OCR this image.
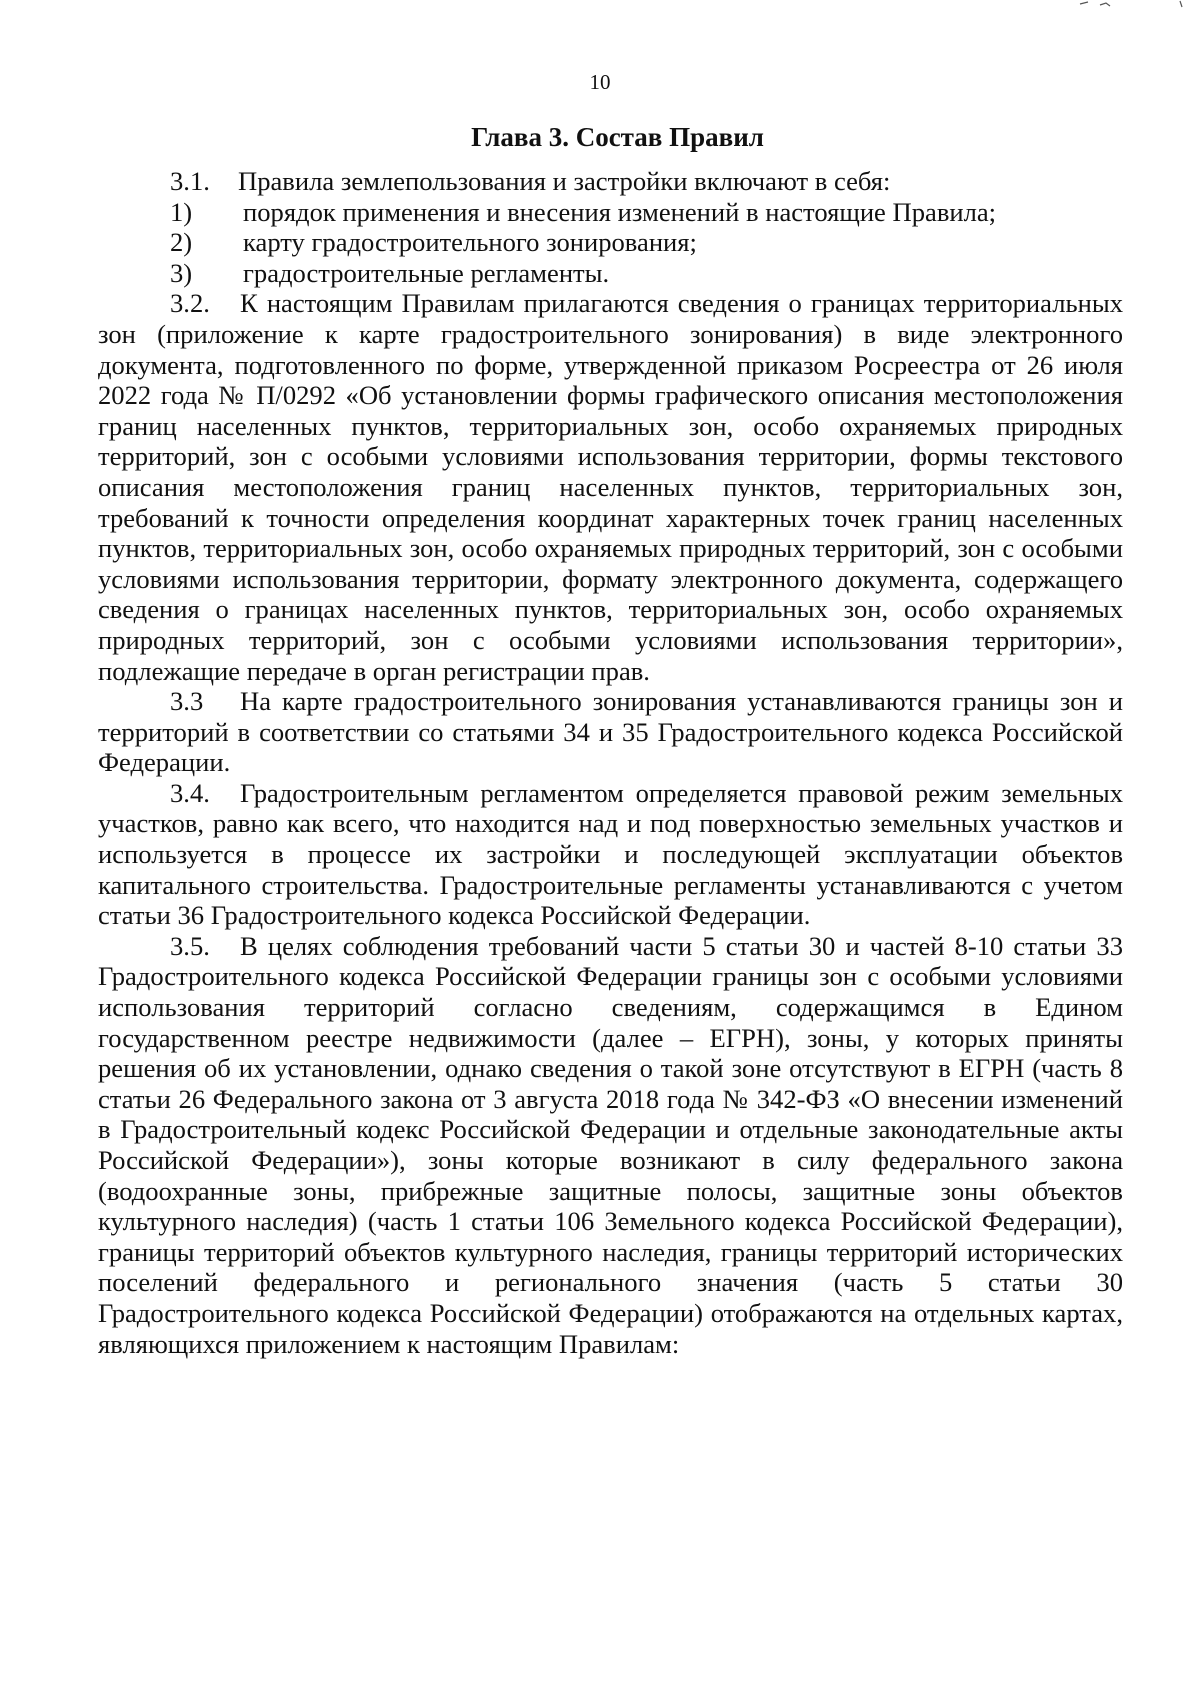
10
Глава 3. Состав Правил

3.1. Правила землепользования и застройки включают в себя:

1) порядок применения и внесения изменений в настоящие Правила;

2) карту градостроительного зонирования;

3) градостроительные регламенты.

3.2. К настоящим Правилам прилагаются сведения о границах территориальных зон (приложение к карте градостроительного зонирования) в виде электронного документа, подготовленного по форме, утвержденной приказом Росреестра от 26 июля 2022 года № П/0292 «Об установлении формы графического описания местоположения границ населенных пунктов, территориальных зон, особо охраняемых природных территорий, зон с особыми условиями использования территории, формы текстового описания местоположения границ населенных пунктов, территориальных зон, требований к точности определения координат характерных точек границ населенных пунктов, территориальных зон, особо охраняемых природных территорий, зон с особыми условиями использования территории, формату электронного документа, содержащего сведения о границах населенных пунктов, территориальных зон, особо охраняемых природных территорий, зон с особыми условиями использования территории», подлежащие передаче в орган регистрации прав.

3.3 На карте градостроительного зонирования устанавливаются границы зон и территорий в соответствии со статьями 34 и 35 Градостроительного кодекса Российской Федерации.

3.4. Градостроительным регламентом определяется правовой режим земельных участков, равно как всего, что находится над и под поверхностью земельных участков и используется в процессе их застройки и последующей эксплуатации объектов капитального строительства. Градостроительные регламенты устанавливаются с учетом статьи 36 Градостроительного кодекса Российской Федерации.

3.5. В целях соблюдения требований части 5 статьи 30 и частей 8-10 статьи 33 Градостроительного кодекса Российской Федерации границы зон с особыми условиями использования территорий согласно сведениям, содержащимся в Едином государственном реестре недвижимости (далее – ЕГРН), зоны, у которых приняты решения об их установлении, однако сведения о такой зоне отсутствуют в ЕГРН (часть 8 статьи 26 Федерального закона от 3 августа 2018 года № 342-ФЗ «О внесении изменений в Градостроительный кодекс Российской Федерации и отдельные законодательные акты Российской Федерации»), зоны которые возникают в силу федерального закона (водоохранные зоны, прибрежные защитные полосы, защитные зоны объектов культурного наследия) (часть 1 статьи 106 Земельного кодекса Российской Федерации), границы территорий объектов культурного наследия, границы территорий исторических поселений федерального и регионального значения (часть 5 статьи 30 Градостроительного кодекса Российской Федерации) отображаются на отдельных картах, являющихся приложением к настоящим Правилам:
